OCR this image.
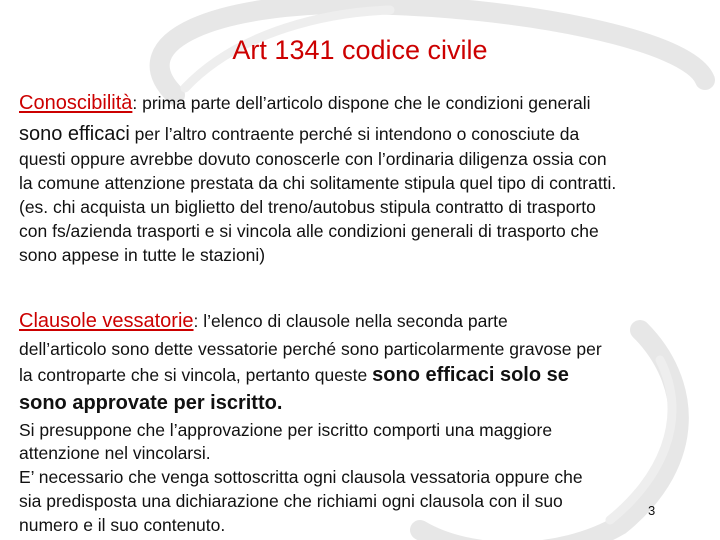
Art 1341 codice civile
Conoscibilità: prima parte dell’articolo dispone che le condizioni generali
sono efficaci per l’altro contraente perché si intendono o conosciute da
questi oppure avrebbe dovuto conoscerle con l’ordinaria diligenza ossia con
la comune attenzione prestata da chi solitamente stipula quel tipo di contratti.
(es. chi acquista un biglietto del treno/autobus stipula contratto di trasporto
con fs/azienda trasporti e si vincola alle condizioni generali di trasporto che
sono appese in tutte le stazioni)
Clausole vessatorie: l’elenco di clausole nella seconda parte
dell’articolo sono dette vessatorie perché sono particolarmente gravose per
la controparte che si vincola, pertanto queste sono efficaci solo se
sono approvate per iscritto.
Si presuppone che l’approvazione per iscritto comporti una maggiore
attenzione nel vincolarsi.
E’ necessario che venga sottoscritta ogni clausola vessatoria oppure che
sia predisposta una dichiarazione che richiami ogni clausola con il suo
numero e il suo contenuto.
3
